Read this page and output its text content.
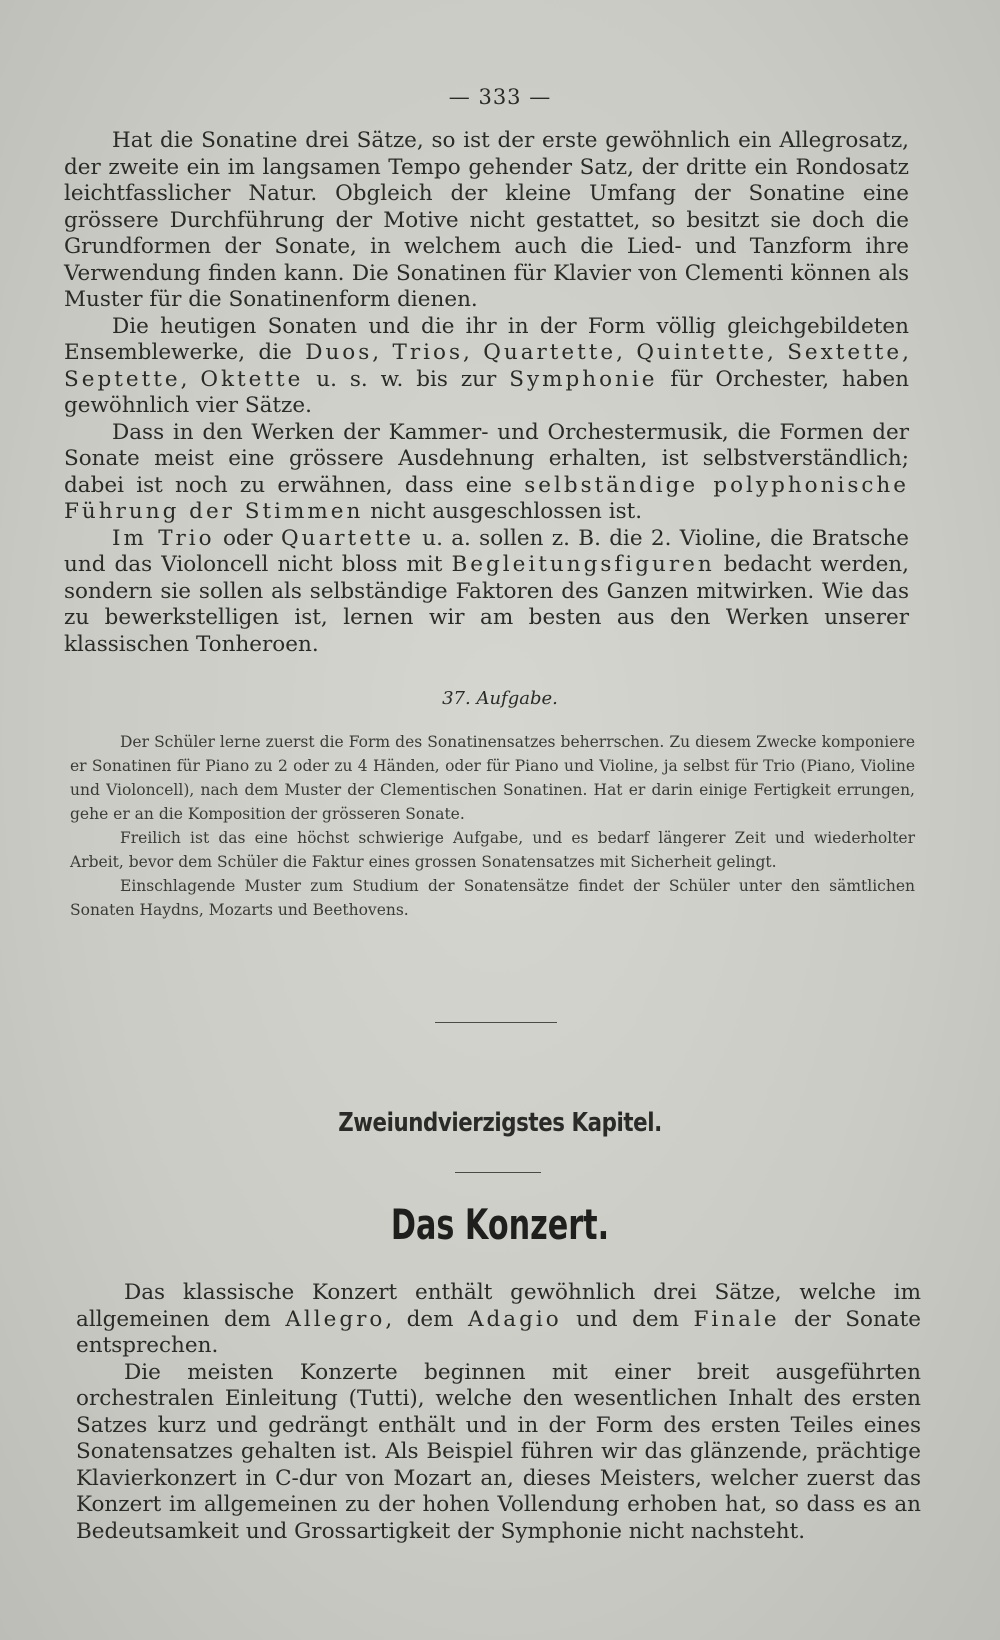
— 333 —

Hat die Sonatine drei Sätze, so ist der erste gewöhnlich ein Allegrosatz, der zweite ein im langsamen Tempo gehender Satz, der dritte ein Rondosatz leichtfasslicher Natur. Obgleich der kleine Umfang der Sonatine eine grössere Durchführung der Motive nicht gestattet, so besitzt sie doch die Grundformen der Sonate, in welchem auch die Lied- und Tanzform ihre Verwendung finden kann. Die Sonatinen für Klavier von Clementi können als Muster für die Sonatinenform dienen.

Die heutigen Sonaten und die ihr in der Form völlig gleichgebildeten Ensemblewerke, die Duos, Trios, Quartette, Quintette, Sextette, Septette, Oktette u. s. w. bis zur Symphonie für Orchester, haben gewöhnlich vier Sätze.

Dass in den Werken der Kammer- und Orchestermusik, die Formen der Sonate meist eine grössere Ausdehnung erhalten, ist selbstverständlich; dabei ist noch zu erwähnen, dass eine selbständige polyphonische Führung der Stimmen nicht ausgeschlossen ist.

Im Trio oder Quartette u. a. sollen z. B. die 2. Violine, die Bratsche und das Violoncell nicht bloss mit Begleitungsfiguren bedacht werden, sondern sie sollen als selbständige Faktoren des Ganzen mitwirken. Wie das zu bewerkstelligen ist, lernen wir am besten aus den Werken unserer klassischen Tonheroen.

37. Aufgabe.

Der Schüler lerne zuerst die Form des Sonatinensatzes beherrschen. Zu diesem Zwecke komponiere er Sonatinen für Piano zu 2 oder zu 4 Händen, oder für Piano und Violine, ja selbst für Trio (Piano, Violine und Violoncell), nach dem Muster der Clementischen Sonatinen. Hat er darin einige Fertigkeit errungen, gehe er an die Komposition der grösseren Sonate.

Freilich ist das eine höchst schwierige Aufgabe, und es bedarf längerer Zeit und wiederholter Arbeit, bevor dem Schüler die Faktur eines grossen Sonatensatzes mit Sicherheit gelingt.

Einschlagende Muster zum Studium der Sonatensätze findet der Schüler unter den sämtlichen Sonaten Haydns, Mozarts und Beethovens.

Zweiundvierzigstes Kapitel.
Das Konzert.

Das klassische Konzert enthält gewöhnlich drei Sätze, welche im allgemeinen dem Allegro, dem Adagio und dem Finale der Sonate entsprechen.

Die meisten Konzerte beginnen mit einer breit ausgeführten orchestralen Einleitung (Tutti), welche den wesentlichen Inhalt des ersten Satzes kurz und gedrängt enthält und in der Form des ersten Teiles eines Sonatensatzes gehalten ist. Als Beispiel führen wir das glänzende, prächtige Klavierkonzert in C-dur von Mozart an, dieses Meisters, welcher zuerst das Konzert im allgemeinen zu der hohen Vollendung erhoben hat, so dass es an Bedeutsamkeit und Grossartigkeit der Symphonie nicht nachsteht.
